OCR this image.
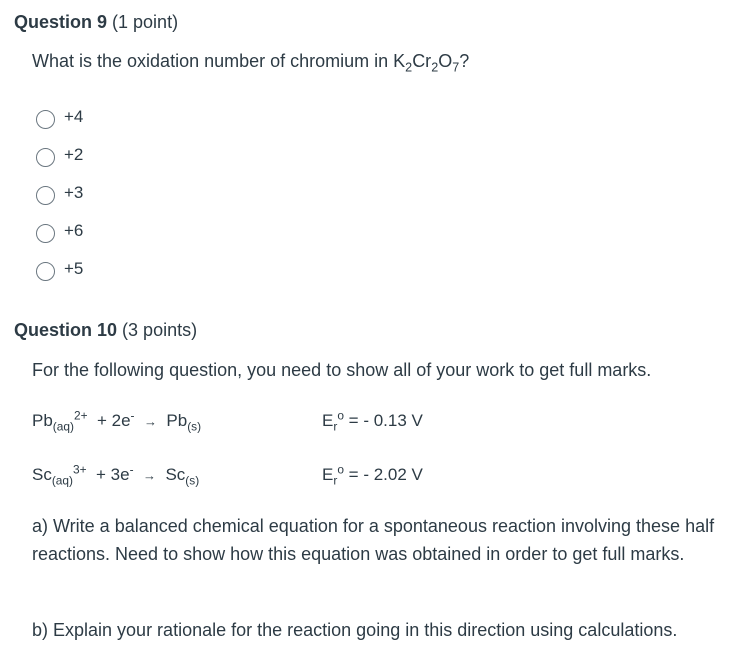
Question 9 (1 point)
What is the oxidation number of chromium in $K_2Cr_2O_7$?
+4
+2
+3
+6
+5
Question 10 (3 points)
For the following question, you need to show all of your work to get full marks.
$Pb_{(aq)}^{2+} + 2e^- \to Pb_{(s)}$	$E_r^o$ = - 0.13 V
$Sc_{(aq)}^{3+} + 3e^- \to Sc_{(s)}$	$E_r^o$ = - 2.02 V
a) Write a balanced chemical equation for a spontaneous reaction involving these half reactions. Need to show how this equation was obtained in order to get full marks.
b) Explain your rationale for the reaction going in this direction using calculations.
